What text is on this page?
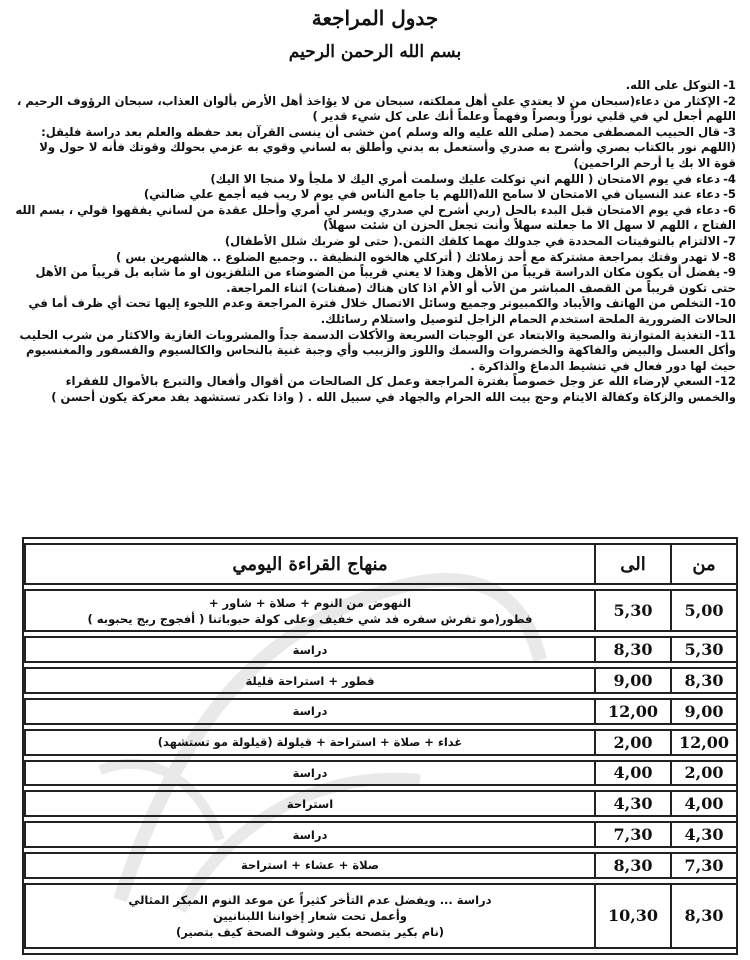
جدول المراجعة
بسم الله الرحمن الرحيم
1-التوكل على الله.
2-الإكثار من دعاء(سبحان من لا يعتدي على أهل مملكته، سبحان من لا يؤاخذ أهل الأرض بألوان العذاب، سبحان الرؤوف الرحيم ، اللهم أجعل لي في قلبي نوراً وبصراً وفهماً وعلماً أنك على كل شيء قدير )
3-قال الحبيب المصطفى محمد (صلى الله عليه واله وسلم )من خشى أن ينسى القرآن بعد حفظه والعلم بعد دراسة فليقل:(اللهم نور بالكتاب بصري وأشرح به صدري وأستعمل به بدني وأطلق به لساني وقوي به عزمي بحولك وقوتك فأنه لا حول ولا قوة الا بك يا أرحم الراحمين)
4-دعاء في يوم الامتحان ( اللهم اني توكلت عليك وسلمت أمري اليك لا ملجأ ولا منجا الا اليك)
5-دعاء عند النسيان في الامتحان لا سامح الله(اللهم يا جامع الناس في يوم لا ريب فيه أجمع علي ضالتي)
6-دعاء في يوم الامتحان قبل البدء بالحل (ربي أشرح لي صدري ويسر لي أمري وأحلل عقدة من لساني يفقهوا قولي ، بسم الله الفتاح ، اللهم لا سهل الا ما جعلته سهلاً وأنت تجعل الحزن ان شئت سهلاً)
7-الالتزام بالتوقيتات المحددة في جدولك مهما كلفك الثمن.( حتى لو ضربك شلل الأطفال)
8-لا تهدر وقتك بمراجعة مشتركة مع أحد زملائك ( أتركلي هالخوه النظيفة .. وجميع الضلوع .. هالشهرين بس )
9-يفضل أن يكون مكان الدراسة قريباً من الأهل وهذا لا يعني قريباً من الضوضاء من التلفزيون او ما شابه بل قريباً من الأهل حتى تكون قريباً من القصف المباشر من الأب أو الأم اذا كان هناك (صفنات) اثناء المراجعة.
10-التخلص من الهاتف والأيباد والكمبيوتر وجميع وسائل الاتصال خلال فترة المراجعة وعدم اللجوء إليها تحت أي ظرف أما في الحالات الضرورية الملحة استخدم الحمام الزاجل لتوصيل واستلام رسائلك.
11-التغذية المتوازنة والصحية والابتعاد عن الوجبات السريعة والأكلات الدسمة جداً والمشروبات الغازية والاكثار من شرب الحليب وأكل العسل والبيض والفاكهة والخضروات والسمك واللوز والزبيب وأي وجبة غنية بالنحاس والكالسيوم والفسفور والمغنسيوم حيث لها دور فعال في تنشيط الدماغ والذاكرة .
12-السعي لإرضاء الله عز وجل خصوصاً بفترة المراجعة وعمل كل الصالحات من أقوال وأفعال والتبرع بالأموال للفقراء والخمس والزكاة وكفالة الايتام وحج بيت الله الحرام والجهاد في سبيل الله . ( واذا تكدر تستشهد بفد معركة يكون أحسن )
من	الى	منهاج القراءة اليومي
5,00	5,30	النهوض من النوم + صلاة + شاور +
فطور(مو تفرش سفره فد شي خفيف وعلى كولة حبوباتنا ( أفجوج ريج يحبوبه )

5,30	8,30	دراسة

8,30	9,00	فطور + استراحة قليلة

9,00	12,00	دراسة

12,00	2,00	غداء + صلاة + استراحة + قيلولة (قيلولة مو تستشهد)

2,00	4,00	دراسة

4,00	4,30	استراحة

4,30	7,30	دراسة

7,30	8,30	صلاة + عشاء + استراحة

8,30	10,30	دراسة ... ويفضل عدم التأخر كثيراً عن موعد النوم المبكر المثالي
وأعمل تحت شعار إخواننا اللبنانيين
(نام بكير بتصحه بكير وشوف الصحة كيف بتصير)
